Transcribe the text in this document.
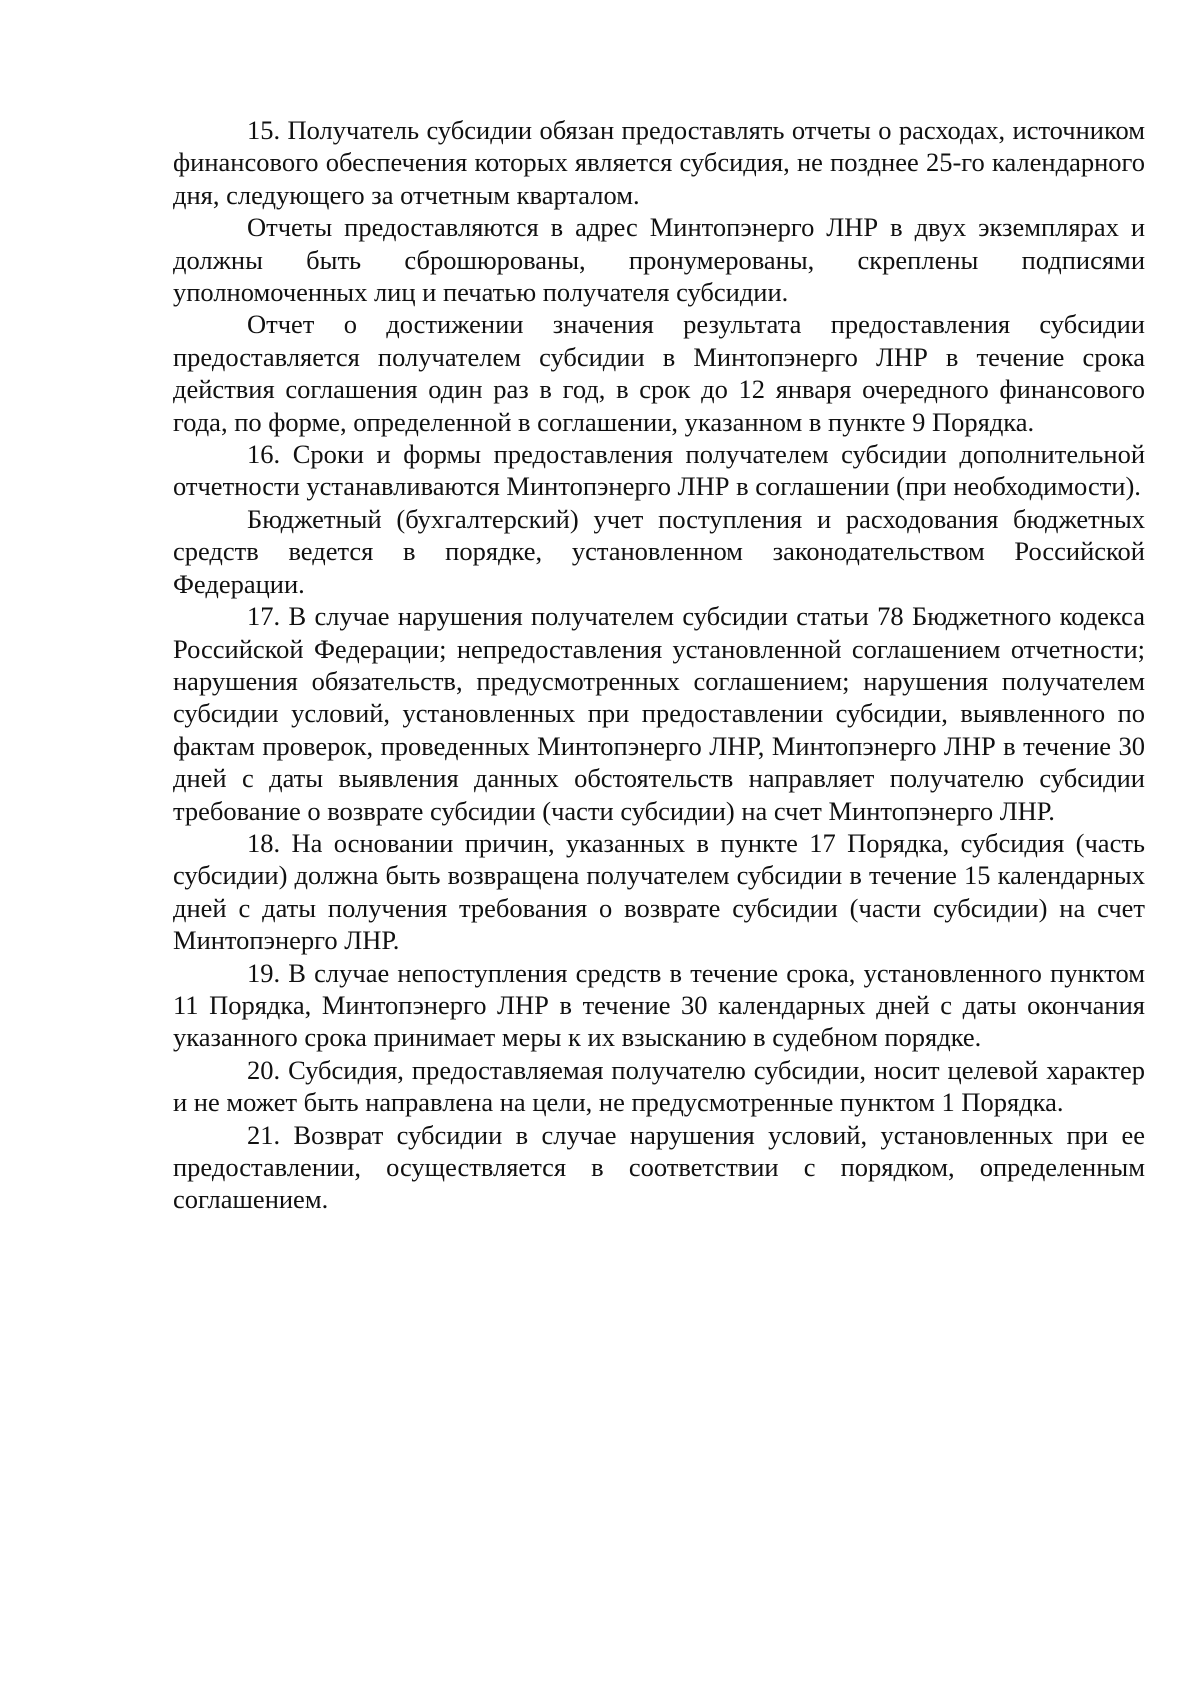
15. Получатель субсидии обязан предоставлять отчеты о расходах, источником финансового обеспечения которых является субсидия, не позднее 25-го календарного дня, следующего за отчетным кварталом.

Отчеты предоставляются в адрес Минтопэнерго ЛНР в двух экземплярах и должны быть сброшюрованы, пронумерованы, скреплены подписями уполномоченных лиц и печатью получателя субсидии.

Отчет о достижении значения результата предоставления субсидии предоставляется получателем субсидии в Минтопэнерго ЛНР в течение срока действия соглашения один раз в год, в срок до 12 января очередного финансового года, по форме, определенной в соглашении, указанном в пункте 9 Порядка.

16. Сроки и формы предоставления получателем субсидии дополнительной отчетности устанавливаются Минтопэнерго ЛНР в соглашении (при необходимости).

Бюджетный (бухгалтерский) учет поступления и расходования бюджетных средств ведется в порядке, установленном законодательством Российской Федерации.

17. В случае нарушения получателем субсидии статьи 78 Бюджетного кодекса Российской Федерации; непредоставления установленной соглашением отчетности; нарушения обязательств, предусмотренных соглашением; нарушения получателем субсидии условий, установленных при предоставлении субсидии, выявленного по фактам проверок, проведенных Минтопэнерго ЛНР, Минтопэнерго ЛНР в течение 30 дней с даты выявления данных обстоятельств направляет получателю субсидии требование о возврате субсидии (части субсидии) на счет Минтопэнерго ЛНР.

18. На основании причин, указанных в пункте 17 Порядка, субсидия (часть субсидии) должна быть возвращена получателем субсидии в течение 15 календарных дней с даты получения требования о возврате субсидии (части субсидии) на счет Минтопэнерго ЛНР.

19. В случае непоступления средств в течение срока, установленного пунктом 11 Порядка, Минтопэнерго ЛНР в течение 30 календарных дней с даты окончания указанного срока принимает меры к их взысканию в судебном порядке.

20. Субсидия, предоставляемая получателю субсидии, носит целевой характер и не может быть направлена на цели, не предусмотренные пунктом 1 Порядка.

21. Возврат субсидии в случае нарушения условий, установленных при ее предоставлении, осуществляется в соответствии с порядком, определенным соглашением.
